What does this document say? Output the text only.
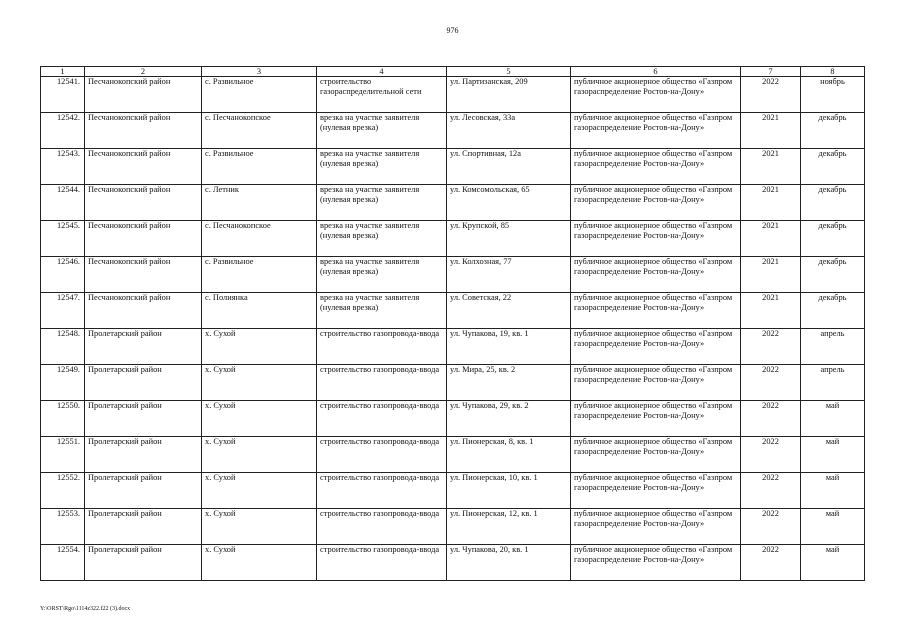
976
1	2	3	4	5	6	7	8
12541.	Песчанокопский район	с. Развильное	строительство газораспределительной сети	ул. Партизанская, 209	публичное акционерное общество «Газпром газораспределение Ростов-на-Дону»	2022	ноябрь
12542.	Песчанокопский район	с. Песчанокопское	врезка на участке заявителя (нулевая врезка)	ул. Лесовская, 33а	публичное акционерное общество «Газпром газораспределение Ростов-на-Дону»	2021	декабрь
12543.	Песчанокопский район	с. Развильное	врезка на участке заявителя (нулевая врезка)	ул. Спортивная, 12а	публичное акционерное общество «Газпром газораспределение Ростов-на-Дону»	2021	декабрь
12544.	Песчанокопский район	с. Летник	врезка на участке заявителя (нулевая врезка)	ул. Комсомольская, 65	публичное акционерное общество «Газпром газораспределение Ростов-на-Дону»	2021	декабрь
12545.	Песчанокопский район	с. Песчанокопское	врезка на участке заявителя (нулевая врезка)	ул. Крупской, 85	публичное акционерное общество «Газпром газораспределение Ростов-на-Дону»	2021	декабрь
12546.	Песчанокопский район	с. Развильное	врезка на участке заявителя (нулевая врезка)	ул. Колхозная, 77	публичное акционерное общество «Газпром газораспределение Ростов-на-Дону»	2021	декабрь
12547.	Песчанокопский район	с. Полиянка	врезка на участке заявителя (нулевая врезка)	ул. Советская, 22	публичное акционерное общество «Газпром газораспределение Ростов-на-Дону»	2021	декабрь
12548.	Пролетарский район	х. Сухой	строительство газопровода-ввода	ул. Чупакова, 19, кв. 1	публичное акционерное общество «Газпром газораспределение Ростов-на-Дону»	2022	апрель
12549.	Пролетарский район	х. Сухой	строительство газопровода-ввода	ул. Мира, 25, кв. 2	публичное акционерное общество «Газпром газораспределение Ростов-на-Дону»	2022	апрель
12550.	Пролетарский район	х. Сухой	строительство газопровода-ввода	ул. Чупакова, 29, кв. 2	публичное акционерное общество «Газпром газораспределение Ростов-на-Дону»	2022	май
12551.	Пролетарский район	х. Сухой	строительство газопровода-ввода	ул. Пионерская, 8, кв. 1	публичное акционерное общество «Газпром газораспределение Ростов-на-Дону»	2022	май
12552.	Пролетарский район	х. Сухой	строительство газопровода-ввода	ул. Пионерская, 10, кв. 1	публичное акционерное общество «Газпром газораспределение Ростов-на-Дону»	2022	май
12553.	Пролетарский район	х. Сухой	строительство газопровода-ввода	ул. Пионерская, 12, кв. 1	публичное акционерное общество «Газпром газораспределение Ростов-на-Дону»	2022	май
12554.	Пролетарский район	х. Сухой	строительство газопровода-ввода	ул. Чупакова, 20, кв. 1	публичное акционерное общество «Газпром газораспределение Ростов-на-Дону»	2022	май
Y:\ORST\Rgo\1114z322.f22 (3).docx
